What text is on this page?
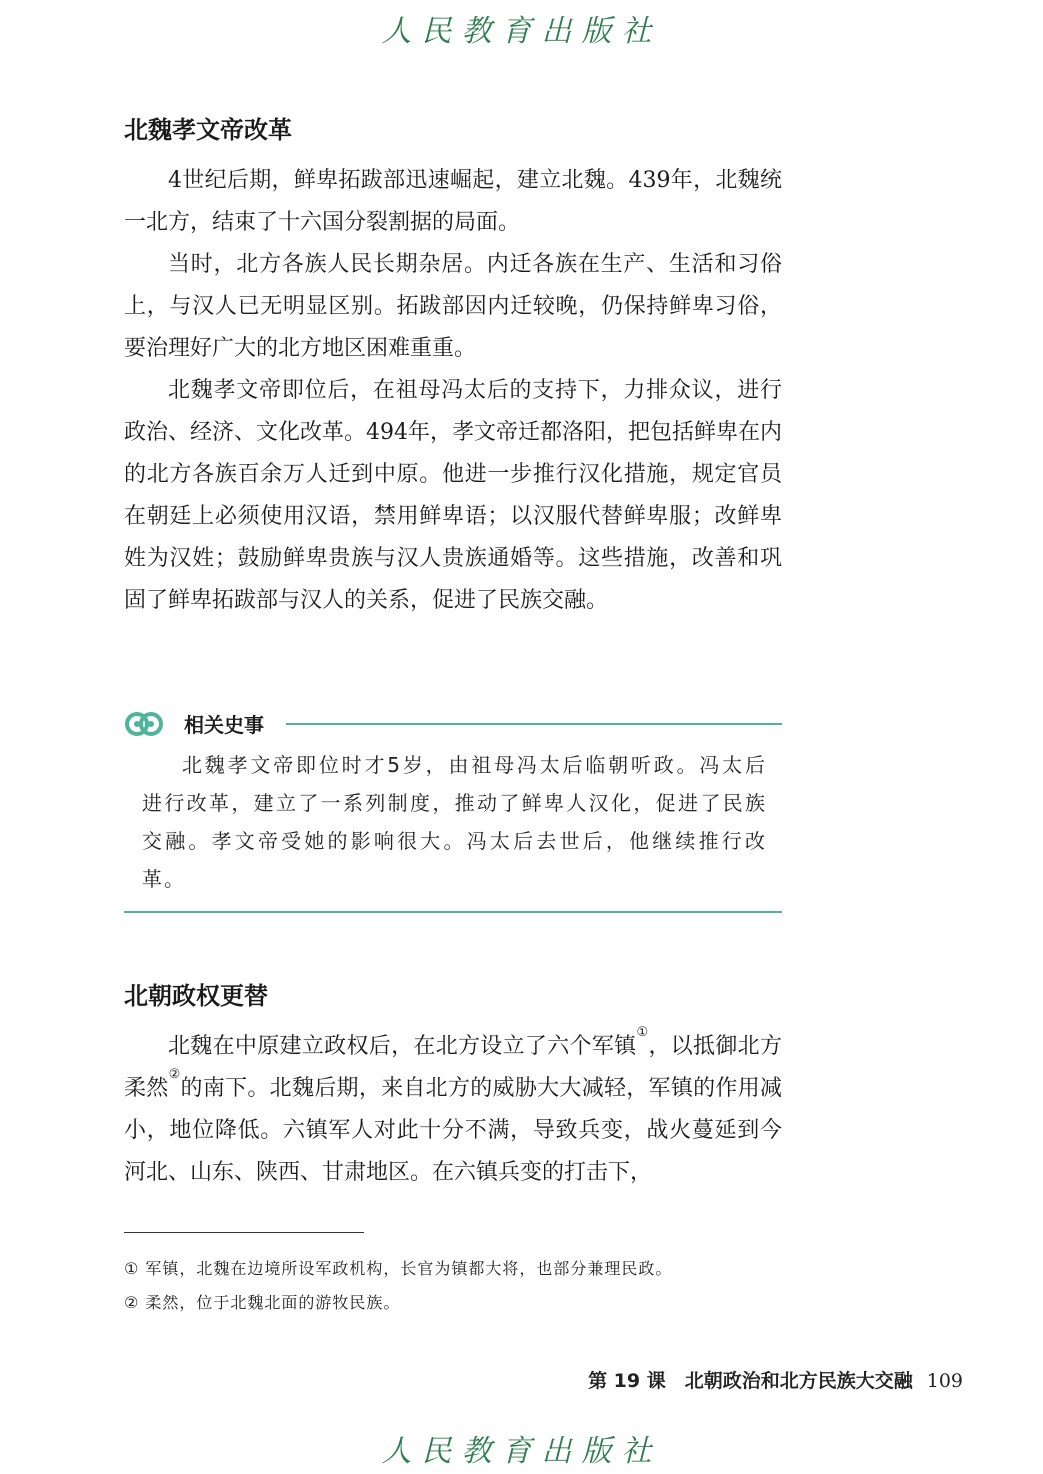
人民教育出版社
北魏孝文帝改革

4世纪后期，鲜卑拓跋部迅速崛起，建立北魏。439年，北魏统一北方，结束了十六国分裂割据的局面。

当时，北方各族人民长期杂居。内迁各族在生产、生活和习俗上，与汉人已无明显区别。拓跋部因内迁较晚，仍保持鲜卑习俗，要治理好广大的北方地区困难重重。

北魏孝文帝即位后，在祖母冯太后的支持下，力排众议，进行政治、经济、文化改革。494年，孝文帝迁都洛阳，把包括鲜卑在内的北方各族百余万人迁到中原。他进一步推行汉化措施，规定官员在朝廷上必须使用汉语，禁用鲜卑语；以汉服代替鲜卑服；改鲜卑姓为汉姓；鼓励鲜卑贵族与汉人贵族通婚等。这些措施，改善和巩固了鲜卑拓跋部与汉人的关系，促进了民族交融。

相关史事
北魏孝文帝即位时才5岁，由祖母冯太后临朝听政。冯太后进行改革，建立了一系列制度，推动了鲜卑人汉化，促进了民族交融。孝文帝受她的影响很大。冯太后去世后，他继续推行改革。
北朝政权更替

北魏在中原建立政权后，在北方设立了六个军镇①，以抵御北方柔然②的南下。北魏后期，来自北方的威胁大大减轻，军镇的作用减小，地位降低。六镇军人对此十分不满，导致兵变，战火蔓延到今河北、山东、陕西、甘肃地区。在六镇兵变的打击下，

① 军镇，北魏在边境所设军政机构，长官为镇都大将，也部分兼理民政。
② 柔然，位于北魏北面的游牧民族。
第 19 课　北朝政治和北方民族大交融 109
人民教育出版社
